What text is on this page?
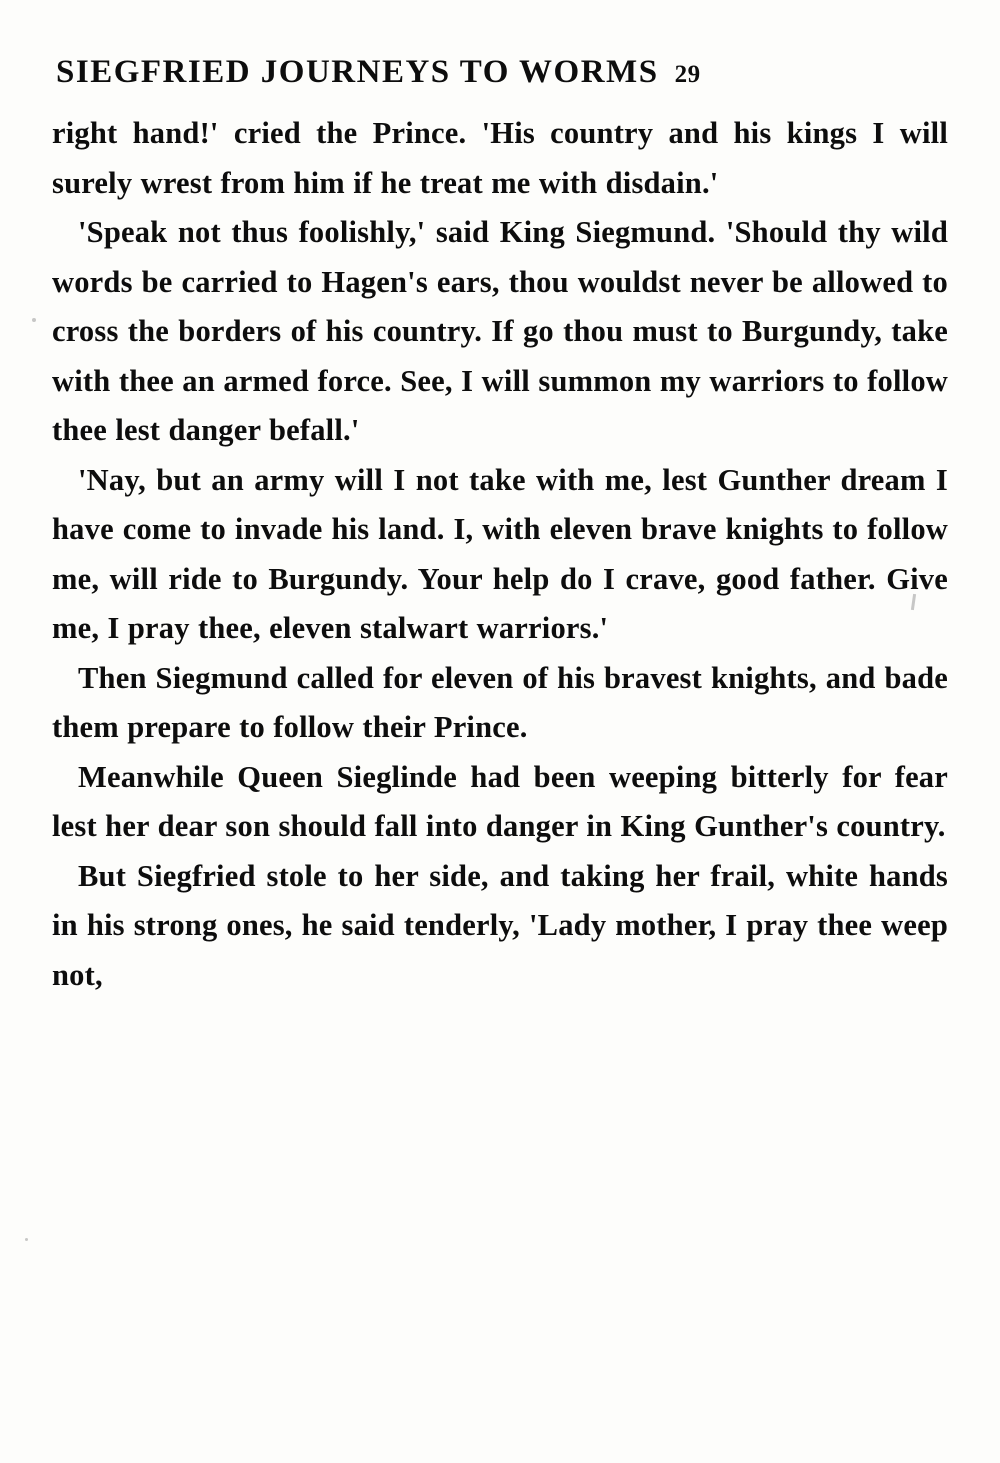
SIEGFRIED JOURNEYS TO WORMS 29

right hand!' cried the Prince. 'His country and his kings I will surely wrest from him if he treat me with disdain.'

'Speak not thus foolishly,' said King Siegmund. 'Should thy wild words be carried to Hagen's ears, thou wouldst never be allowed to cross the borders of his country. If go thou must to Burgundy, take with thee an armed force. See, I will summon my warriors to follow thee lest danger befall.'

'Nay, but an army will I not take with me, lest Gunther dream I have come to invade his land. I, with eleven brave knights to follow me, will ride to Burgundy. Your help do I crave, good father. Give me, I pray thee, eleven stalwart warriors.'

Then Siegmund called for eleven of his bravest knights, and bade them prepare to follow their Prince.

Meanwhile Queen Sieglinde had been weeping bitterly for fear lest her dear son should fall into danger in King Gunther's country.

But Siegfried stole to her side, and taking her frail, white hands in his strong ones, he said tenderly, 'Lady mother, I pray thee weep not,
